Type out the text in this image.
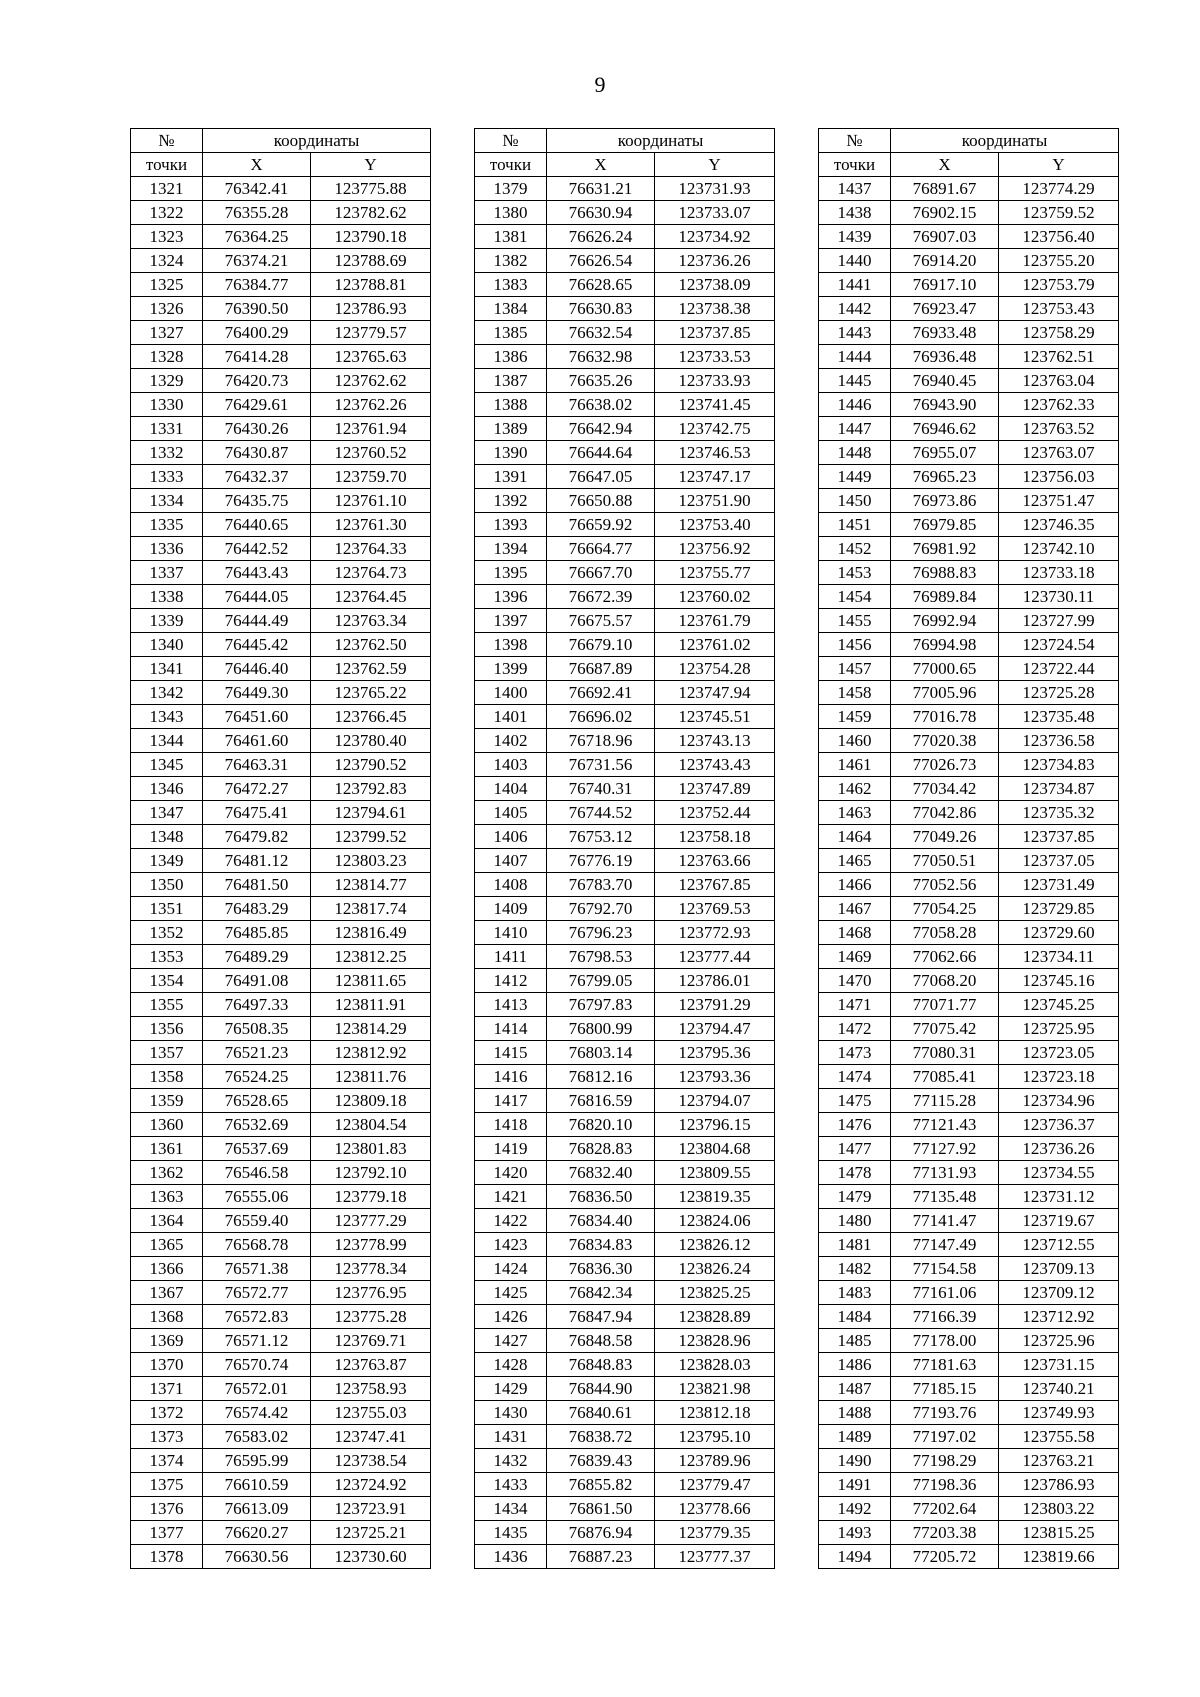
9
№	координаты	
точки	X	Y
1321	76342.41	123775.88
1322	76355.28	123782.62
1323	76364.25	123790.18
1324	76374.21	123788.69
1325	76384.77	123788.81
1326	76390.50	123786.93
1327	76400.29	123779.57
1328	76414.28	123765.63
1329	76420.73	123762.62
1330	76429.61	123762.26
1331	76430.26	123761.94
1332	76430.87	123760.52
1333	76432.37	123759.70
1334	76435.75	123761.10
1335	76440.65	123761.30
1336	76442.52	123764.33
1337	76443.43	123764.73
1338	76444.05	123764.45
1339	76444.49	123763.34
1340	76445.42	123762.50
1341	76446.40	123762.59
1342	76449.30	123765.22
1343	76451.60	123766.45
1344	76461.60	123780.40
1345	76463.31	123790.52
1346	76472.27	123792.83
1347	76475.41	123794.61
1348	76479.82	123799.52
1349	76481.12	123803.23
1350	76481.50	123814.77
1351	76483.29	123817.74
1352	76485.85	123816.49
1353	76489.29	123812.25
1354	76491.08	123811.65
1355	76497.33	123811.91
1356	76508.35	123814.29
1357	76521.23	123812.92
1358	76524.25	123811.76
1359	76528.65	123809.18
1360	76532.69	123804.54
1361	76537.69	123801.83
1362	76546.58	123792.10
1363	76555.06	123779.18
1364	76559.40	123777.29
1365	76568.78	123778.99
1366	76571.38	123778.34
1367	76572.77	123776.95
1368	76572.83	123775.28
1369	76571.12	123769.71
1370	76570.74	123763.87
1371	76572.01	123758.93
1372	76574.42	123755.03
1373	76583.02	123747.41
1374	76595.99	123738.54
1375	76610.59	123724.92
1376	76613.09	123723.91
1377	76620.27	123725.21
1378	76630.56	123730.60
№	координаты	
точки	X	Y
1379	76631.21	123731.93
1380	76630.94	123733.07
1381	76626.24	123734.92
1382	76626.54	123736.26
1383	76628.65	123738.09
1384	76630.83	123738.38
1385	76632.54	123737.85
1386	76632.98	123733.53
1387	76635.26	123733.93
1388	76638.02	123741.45
1389	76642.94	123742.75
1390	76644.64	123746.53
1391	76647.05	123747.17
1392	76650.88	123751.90
1393	76659.92	123753.40
1394	76664.77	123756.92
1395	76667.70	123755.77
1396	76672.39	123760.02
1397	76675.57	123761.79
1398	76679.10	123761.02
1399	76687.89	123754.28
1400	76692.41	123747.94
1401	76696.02	123745.51
1402	76718.96	123743.13
1403	76731.56	123743.43
1404	76740.31	123747.89
1405	76744.52	123752.44
1406	76753.12	123758.18
1407	76776.19	123763.66
1408	76783.70	123767.85
1409	76792.70	123769.53
1410	76796.23	123772.93
1411	76798.53	123777.44
1412	76799.05	123786.01
1413	76797.83	123791.29
1414	76800.99	123794.47
1415	76803.14	123795.36
1416	76812.16	123793.36
1417	76816.59	123794.07
1418	76820.10	123796.15
1419	76828.83	123804.68
1420	76832.40	123809.55
1421	76836.50	123819.35
1422	76834.40	123824.06
1423	76834.83	123826.12
1424	76836.30	123826.24
1425	76842.34	123825.25
1426	76847.94	123828.89
1427	76848.58	123828.96
1428	76848.83	123828.03
1429	76844.90	123821.98
1430	76840.61	123812.18
1431	76838.72	123795.10
1432	76839.43	123789.96
1433	76855.82	123779.47
1434	76861.50	123778.66
1435	76876.94	123779.35
1436	76887.23	123777.37
№	координаты	
точки	X	Y
1437	76891.67	123774.29
1438	76902.15	123759.52
1439	76907.03	123756.40
1440	76914.20	123755.20
1441	76917.10	123753.79
1442	76923.47	123753.43
1443	76933.48	123758.29
1444	76936.48	123762.51
1445	76940.45	123763.04
1446	76943.90	123762.33
1447	76946.62	123763.52
1448	76955.07	123763.07
1449	76965.23	123756.03
1450	76973.86	123751.47
1451	76979.85	123746.35
1452	76981.92	123742.10
1453	76988.83	123733.18
1454	76989.84	123730.11
1455	76992.94	123727.99
1456	76994.98	123724.54
1457	77000.65	123722.44
1458	77005.96	123725.28
1459	77016.78	123735.48
1460	77020.38	123736.58
1461	77026.73	123734.83
1462	77034.42	123734.87
1463	77042.86	123735.32
1464	77049.26	123737.85
1465	77050.51	123737.05
1466	77052.56	123731.49
1467	77054.25	123729.85
1468	77058.28	123729.60
1469	77062.66	123734.11
1470	77068.20	123745.16
1471	77071.77	123745.25
1472	77075.42	123725.95
1473	77080.31	123723.05
1474	77085.41	123723.18
1475	77115.28	123734.96
1476	77121.43	123736.37
1477	77127.92	123736.26
1478	77131.93	123734.55
1479	77135.48	123731.12
1480	77141.47	123719.67
1481	77147.49	123712.55
1482	77154.58	123709.13
1483	77161.06	123709.12
1484	77166.39	123712.92
1485	77178.00	123725.96
1486	77181.63	123731.15
1487	77185.15	123740.21
1488	77193.76	123749.93
1489	77197.02	123755.58
1490	77198.29	123763.21
1491	77198.36	123786.93
1492	77202.64	123803.22
1493	77203.38	123815.25
1494	77205.72	123819.66
